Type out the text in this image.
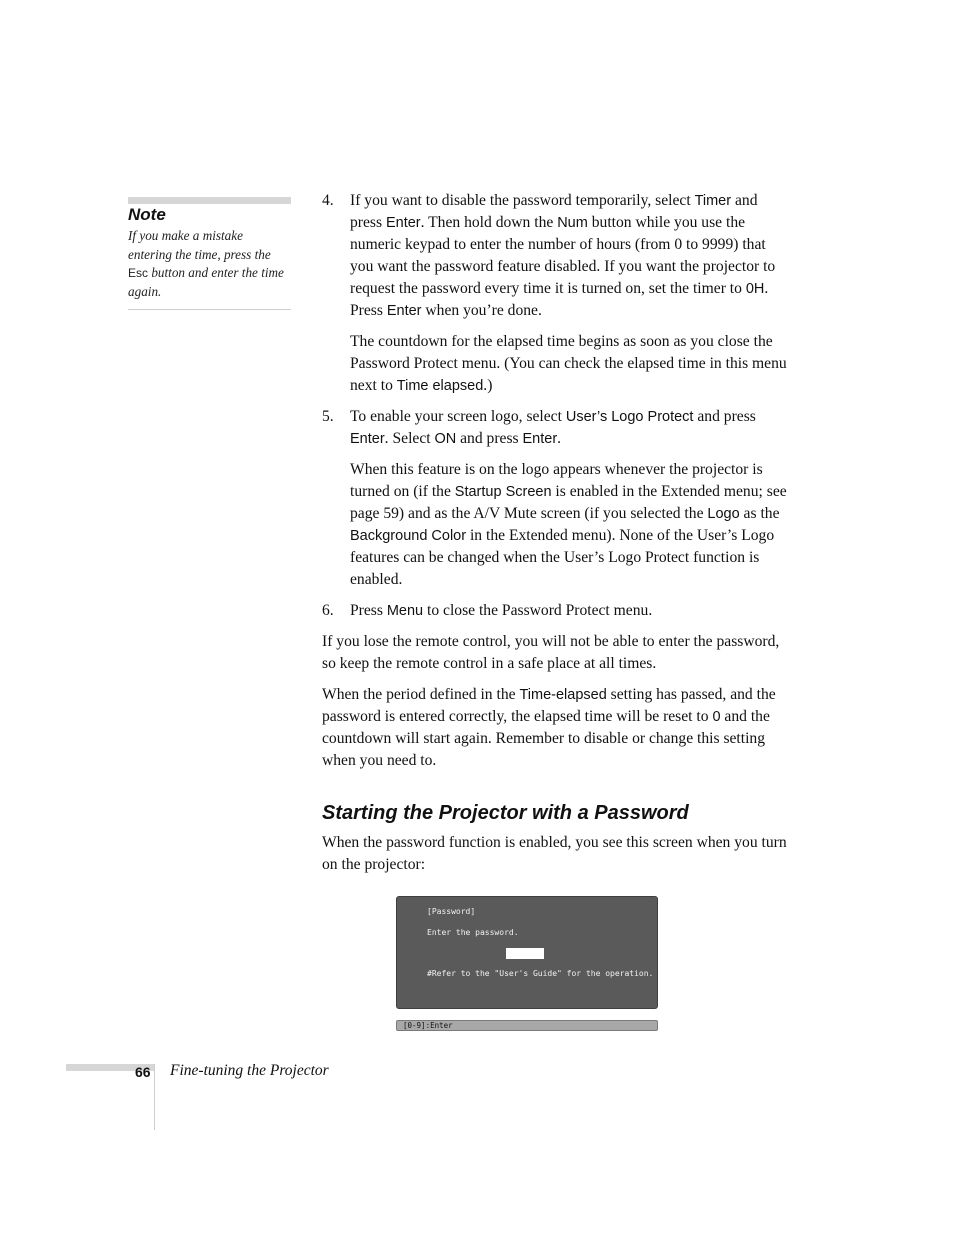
Note
If you make a mistake entering the time, press the Esc button and enter the time again.
4. If you want to disable the password temporarily, select Timer and press Enter. Then hold down the Num button while you use the numeric keypad to enter the number of hours (from 0 to 9999) that you want the password feature disabled. If you want the projector to request the password every time it is turned on, set the timer to 0H. Press Enter when you’re done.

The countdown for the elapsed time begins as soon as you close the Password Protect menu. (You can check the elapsed time in this menu next to Time elapsed.)

5. To enable your screen logo, select User’s Logo Protect and press Enter. Select ON and press Enter.

When this feature is on the logo appears whenever the projector is turned on (if the Startup Screen is enabled in the Extended menu; see page 59) and as the A/V Mute screen (if you selected the Logo as the Background Color in the Extended menu). None of the User’s Logo features can be changed when the User’s Logo Protect function is enabled.

6. Press Menu to close the Password Protect menu.

If you lose the remote control, you will not be able to enter the password, so keep the remote control in a safe place at all times.

When the period defined in the Time-elapsed setting has passed, and the password is entered correctly, the elapsed time will be reset to 0 and the countdown will start again. Remember to disable or change this setting when you need to.

Starting the Projector with a Password

When the password function is enabled, you see this screen when you turn on the projector:

[Password]
Enter the password.
#Refer to the "User's Guide" for the operation.
[0-9]:Enter
66 Fine-tuning the Projector
